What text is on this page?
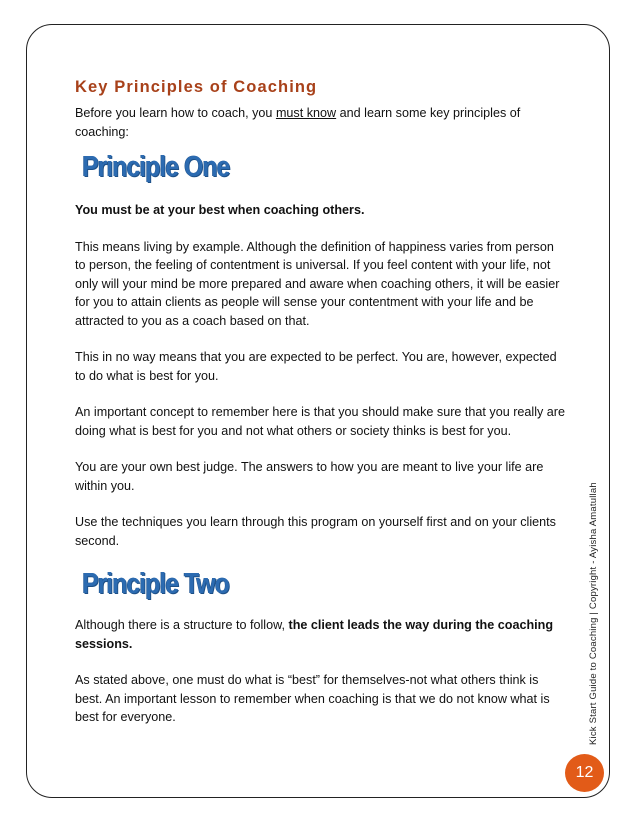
Key Principles of Coaching

Before you learn how to coach, you must know and learn some key principles of coaching:

Principle One

You must be at your best when coaching others.

This means living by example. Although the definition of happiness varies from person to person, the feeling of contentment is universal. If you feel content with your life, not only will your mind be more prepared and aware when coaching others, it will be easier for you to attain clients as people will sense your contentment with your life and be attracted to you as a coach based on that.

This in no way means that you are expected to be perfect. You are, however, expected to do what is best for you.

An important concept to remember here is that you should make sure that you really are doing what is best for you and not what others or society thinks is best for you.

You are your own best judge. The answers to how you are meant to live your life are within you.

Use the techniques you learn through this program on yourself first and on your clients second.

Principle Two

Although there is a structure to follow, the client leads the way during the coaching sessions.

As stated above, one must do what is “best” for themselves-not what others think is best. An important lesson to remember when coaching is that we do not know what is best for everyone.	Kick Start Guide to Coaching | Copyright - Ayisha Amatullah
12
